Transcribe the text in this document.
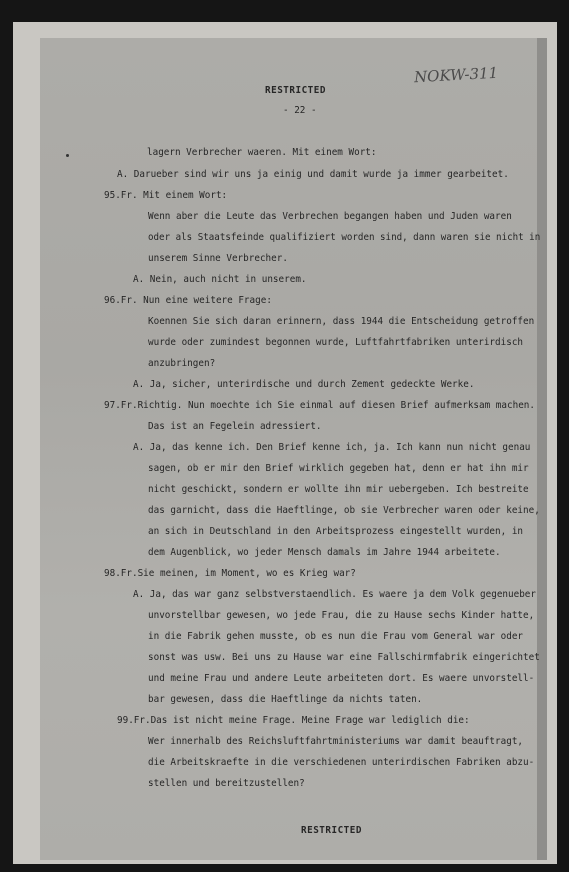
NOKW-311
RESTRICTED
- 22 -
lagern Verbrecher waeren. Mit einem Wort:
A. Darueber sind wir uns ja einig und damit wurde ja immer gearbeitet.
95.Fr. Mit einem Wort:
Wenn aber die Leute das Verbrechen begangen haben und Juden waren
oder als Staatsfeinde qualifiziert worden sind, dann waren sie nicht in
unserem Sinne Verbrecher.
A. Nein, auch nicht in unserem.
96.Fr. Nun eine weitere Frage:
Koennen Sie sich daran erinnern, dass 1944 die Entscheidung getroffen
wurde oder zumindest begonnen wurde, Luftfahrtfabriken unterirdisch
anzubringen?
A. Ja, sicher, unterirdische und durch Zement gedeckte Werke.
97.Fr.Richtig. Nun moechte ich Sie einmal auf diesen Brief aufmerksam machen.
Das ist an Fegelein adressiert.
A. Ja, das kenne ich. Den Brief kenne ich, ja. Ich kann nun nicht genau
sagen, ob er mir den Brief wirklich gegeben hat, denn er hat ihn mir
nicht geschickt, sondern er wollte ihn mir uebergeben. Ich bestreite
das garnicht, dass die Haeftlinge, ob sie Verbrecher waren oder keine,
an sich in Deutschland in den Arbeitsprozess eingestellt wurden, in
dem Augenblick, wo jeder Mensch damals im Jahre 1944 arbeitete.
98.Fr.Sie meinen, im Moment, wo es Krieg war?
A. Ja, das war ganz selbstverstaendlich. Es waere ja dem Volk gegenueber
unvorstellbar gewesen, wo jede Frau, die zu Hause sechs Kinder hatte,
in die Fabrik gehen musste, ob es nun die Frau vom General war oder
sonst was usw. Bei uns zu Hause war eine Fallschirmfabrik eingerichtet
und meine Frau und andere Leute arbeiteten dort. Es waere unvorstell-
bar gewesen, dass die Haeftlinge da nichts taten.
99.Fr.Das ist nicht meine Frage. Meine Frage war lediglich die:
Wer innerhalb des Reichsluftfahrtministeriums war damit beauftragt,
die Arbeitskraefte in die verschiedenen unterirdischen Fabriken abzu-
stellen und bereitzustellen?
RESTRICTED
